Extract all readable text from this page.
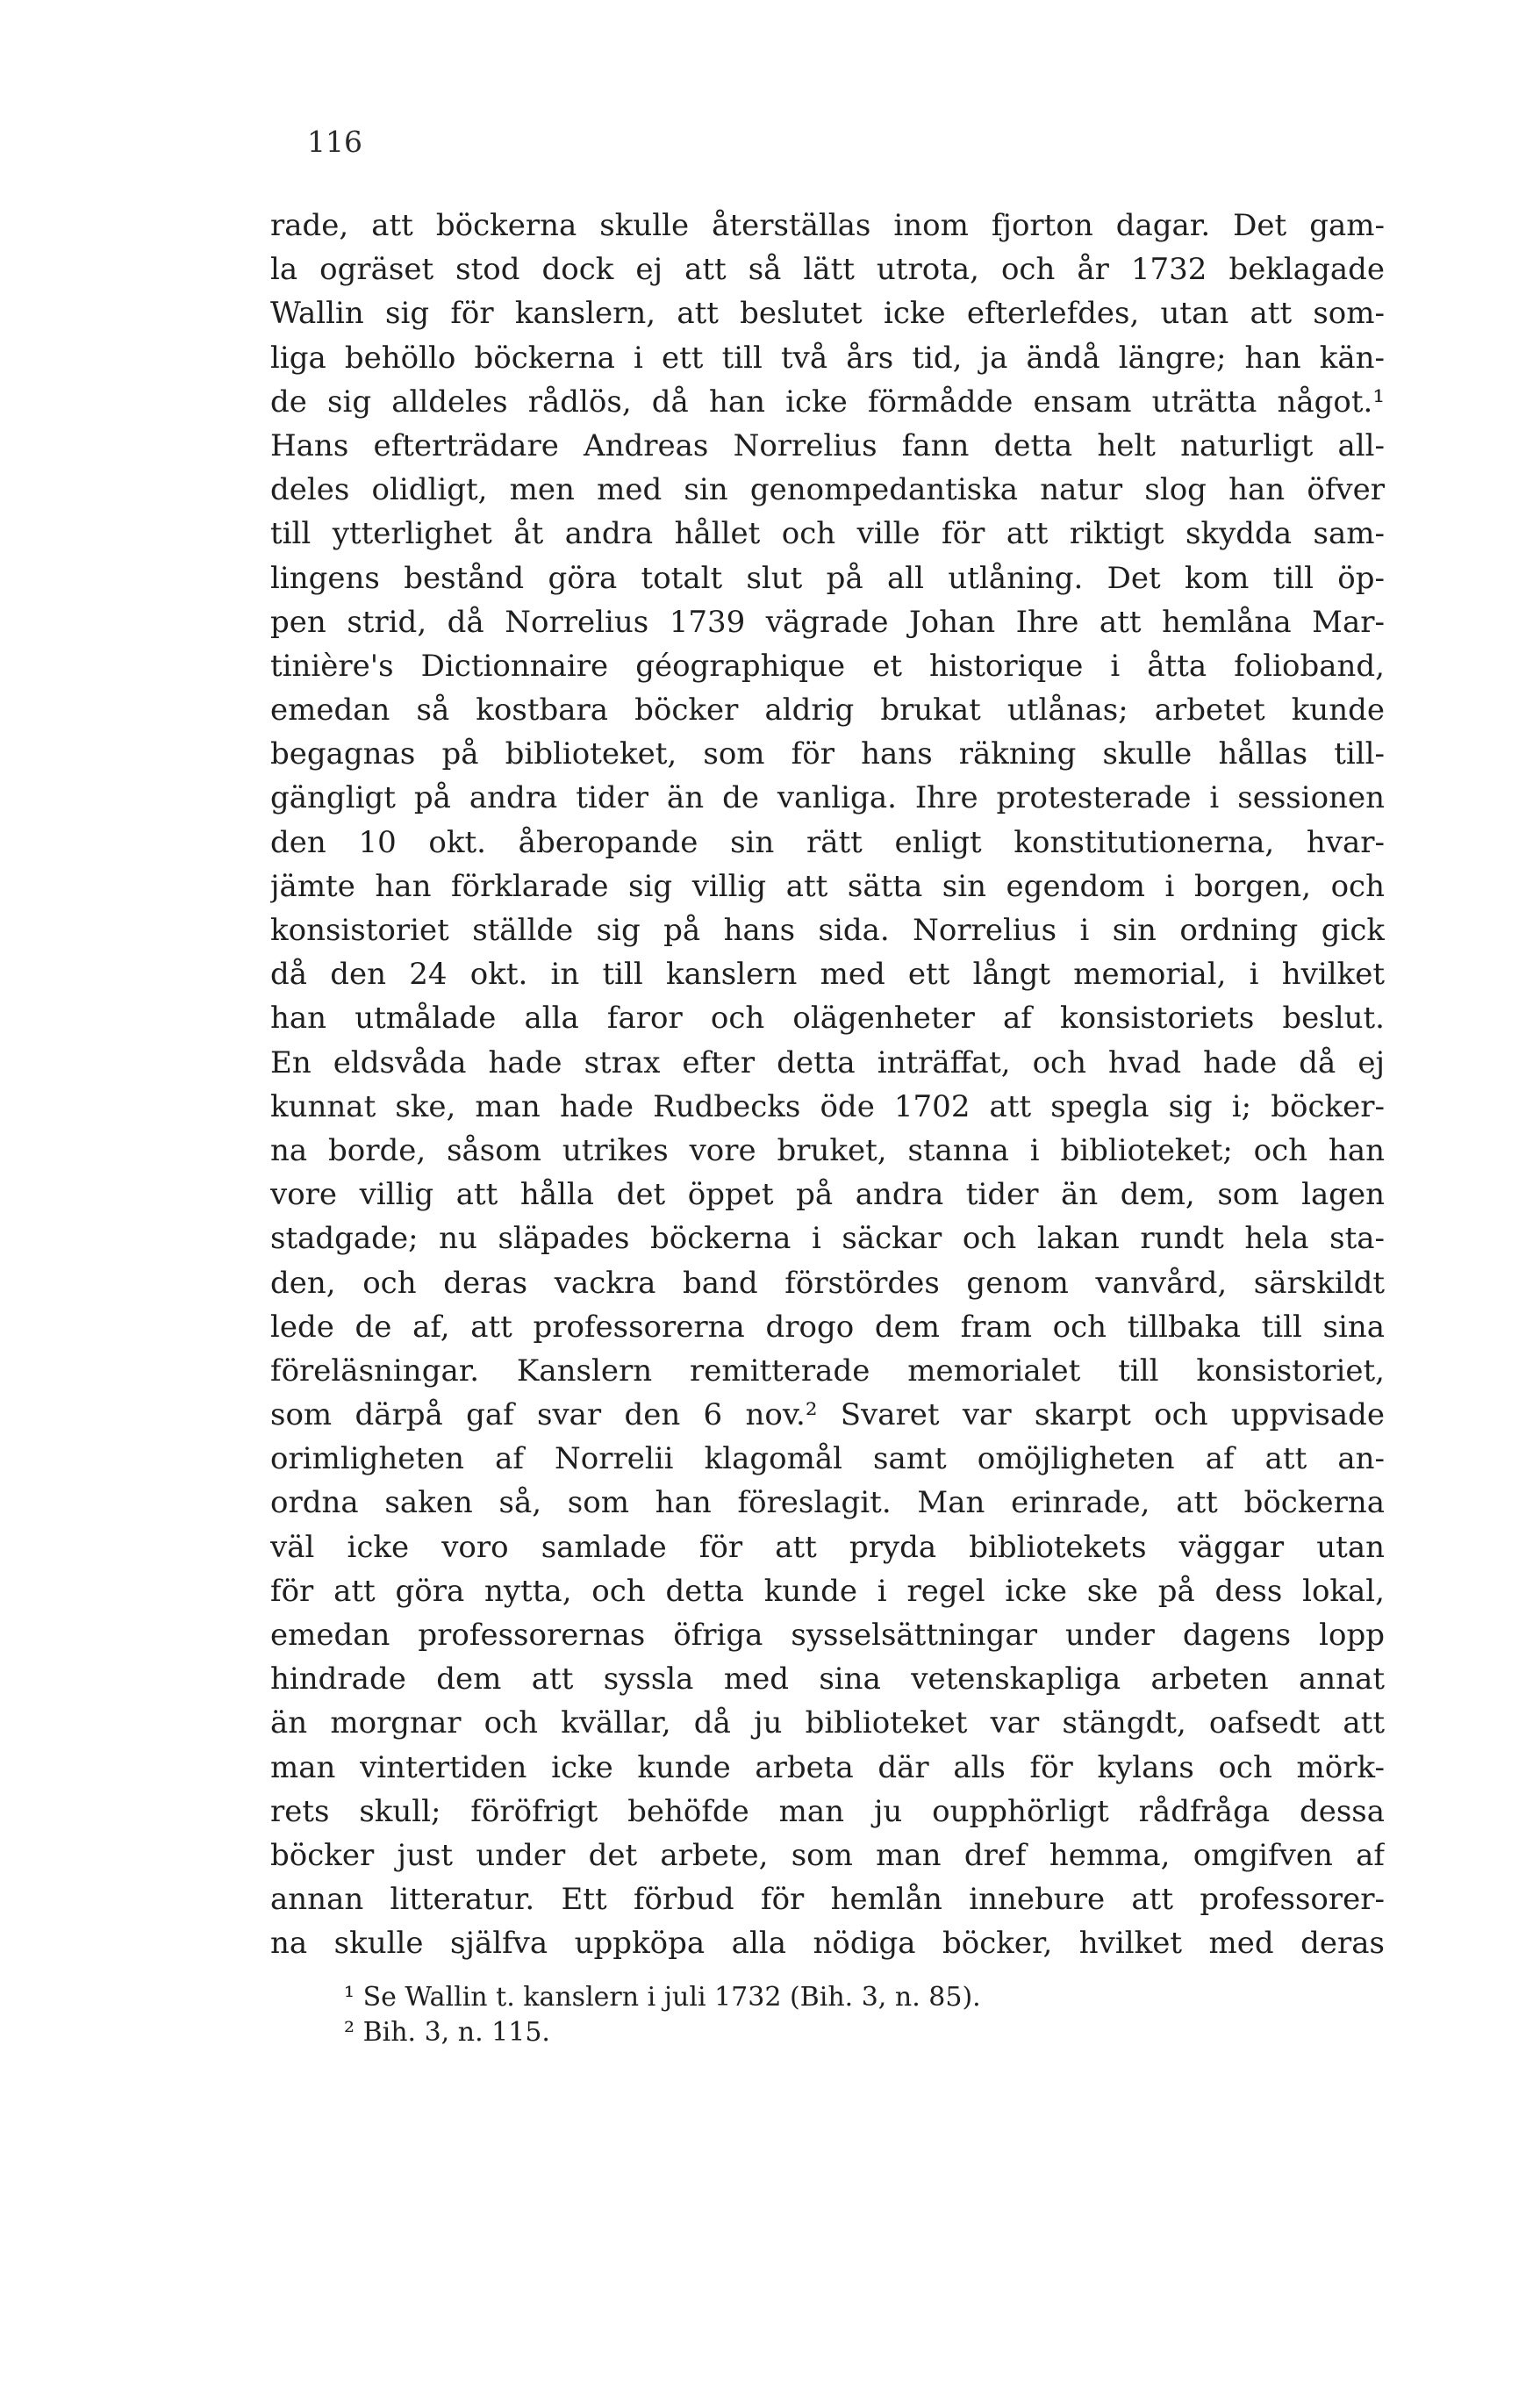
116
rade, att böckerna skulle återställas inom fjorton dagar. Det gam-
la ogräset stod dock ej att så lätt utrota, och år 1732 beklagade
Wallin sig för kanslern, att beslutet icke efterlefdes, utan att som-
liga behöllo böckerna i ett till två års tid, ja ändå längre; han kän-
de sig alldeles rådlös, då han icke förmådde ensam uträtta något.¹
Hans efterträdare Andreas Norrelius fann detta helt naturligt all-
deles olidligt, men med sin genompedantiska natur slog han öfver
till ytterlighet åt andra hållet och ville för att riktigt skydda sam-
lingens bestånd göra totalt slut på all utlåning. Det kom till öp-
pen strid, då Norrelius 1739 vägrade Johan Ihre att hemlåna Mar-
tinière's Dictionnaire géographique et historique i åtta folioband,
emedan så kostbara böcker aldrig brukat utlånas; arbetet kunde
begagnas på biblioteket, som för hans räkning skulle hållas till-
gängligt på andra tider än de vanliga. Ihre protesterade i sessionen
den 10 okt. åberopande sin rätt enligt konstitutionerna, hvar-
jämte han förklarade sig villig att sätta sin egendom i borgen, och
konsistoriet ställde sig på hans sida. Norrelius i sin ordning gick
då den 24 okt. in till kanslern med ett långt memorial, i hvilket
han utmålade alla faror och olägenheter af konsistoriets beslut.
En eldsvåda hade strax efter detta inträffat, och hvad hade då ej
kunnat ske, man hade Rudbecks öde 1702 att spegla sig i; böcker-
na borde, såsom utrikes vore bruket, stanna i biblioteket; och han
vore villig att hålla det öppet på andra tider än dem, som lagen
stadgade; nu släpades böckerna i säckar och lakan rundt hela sta-
den, och deras vackra band förstördes genom vanvård, särskildt
lede de af, att professorerna drogo dem fram och tillbaka till sina
föreläsningar. Kanslern remitterade memorialet till konsistoriet,
som därpå gaf svar den 6 nov.² Svaret var skarpt och uppvisade
orimligheten af Norrelii klagomål samt omöjligheten af att an-
ordna saken så, som han föreslagit. Man erinrade, att böckerna
väl icke voro samlade för att pryda bibliotekets väggar utan
för att göra nytta, och detta kunde i regel icke ske på dess lokal,
emedan professorernas öfriga sysselsättningar under dagens lopp
hindrade dem att syssla med sina vetenskapliga arbeten annat
än morgnar och kvällar, då ju biblioteket var stängdt, oafsedt att
man vintertiden icke kunde arbeta där alls för kylans och mörk-
rets skull; föröfrigt behöfde man ju oupphörligt rådfråga dessa
böcker just under det arbete, som man dref hemma, omgifven af
annan litteratur. Ett förbud för hemlån innebure att professorer-
na skulle själfva uppköpa alla nödiga böcker, hvilket med deras
¹ Se Wallin t. kanslern i juli 1732 (Bih. 3, n. 85).
² Bih. 3, n. 115.
